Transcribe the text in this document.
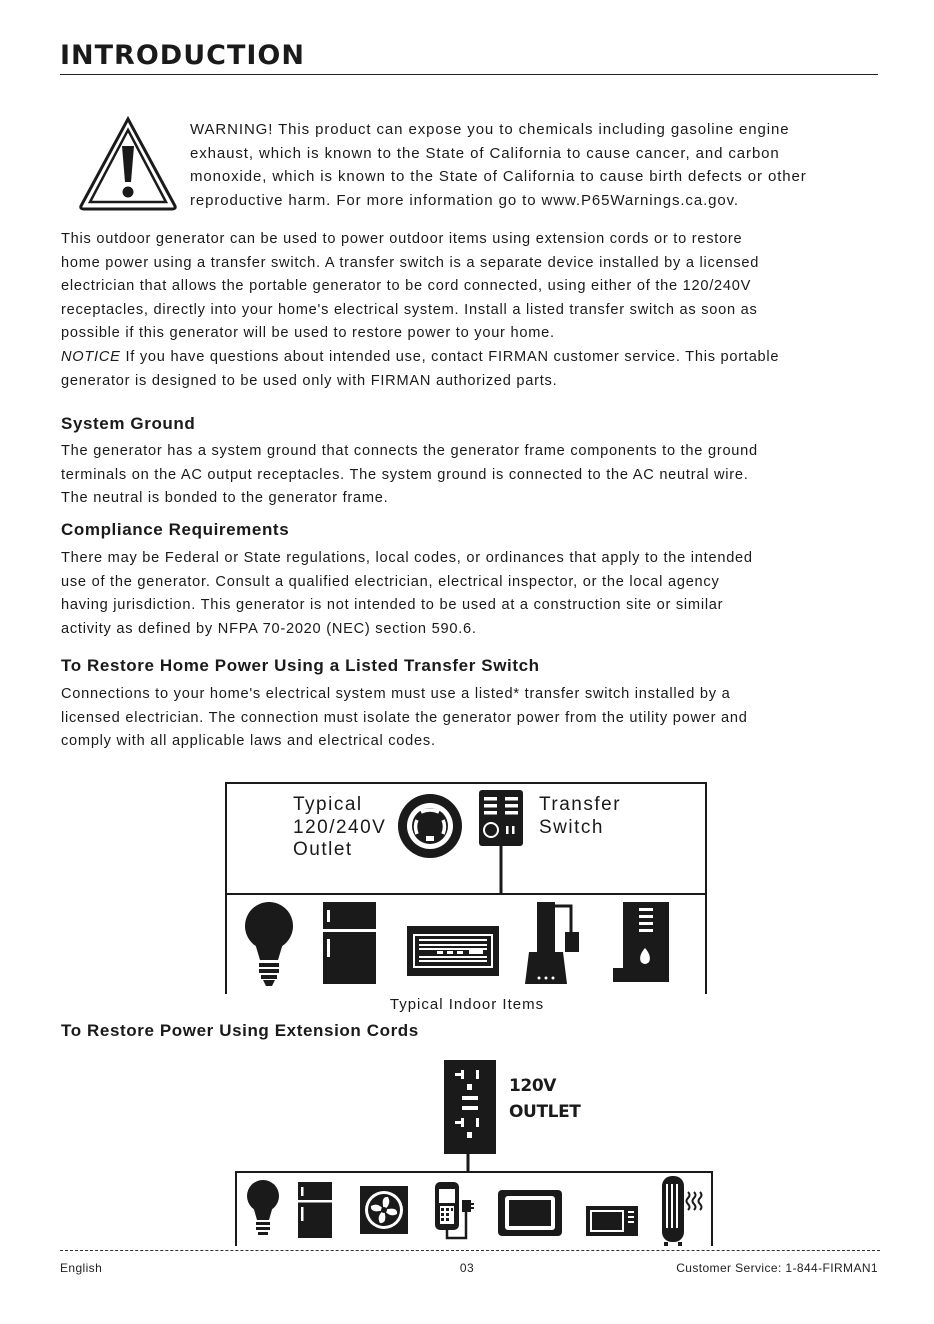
INTRODUCTION
WARNING! This product can expose you to chemicals including gasoline engine
exhaust, which is known to the State of California to cause cancer, and carbon
monoxide, which is known to the State of California to cause birth defects or other
reproductive harm. For more information go to www.P65Warnings.ca.gov.
This outdoor generator can be used to power outdoor items using extension cords or to restore
home power using a transfer switch. A transfer switch is a separate device installed by a licensed
electrician that allows the portable generator to be cord connected, using either of the 120/240V
receptacles, directly into your home's electrical system. Install a listed transfer switch as soon as
possible if this generator will be used to restore power to your home.
NOTICE If you have questions about intended use, contact FIRMAN customer service. This portable
generator is designed to be used only with FIRMAN authorized parts.
System Ground
The generator has a system ground that connects the generator frame components to the ground
terminals on the AC output receptacles. The system ground is connected to the AC neutral wire.
The neutral is bonded to the generator frame.
Compliance Requirements
There may be Federal or State regulations, local codes, or ordinances that apply to the intended
use of the generator. Consult a qualified electrician, electrical inspector, or the local agency
having jurisdiction. This generator is not intended to be used at a construction site or similar
activity as defined by NFPA 70-2020 (NEC) section 590.6.
To Restore Home Power Using a Listed Transfer Switch
Connections to your home's electrical system must use a listed* transfer switch installed by a
licensed electrician. The connection must isolate the generator power from the utility power and
comply with all applicable laws and electrical codes.
Typical
120/240V
Outlet
Transfer
Switch

Typical Indoor Items

To Restore Power Using Extension Cords
120V
OUTLET
English	03	Customer Service: 1-844-FIRMAN1
